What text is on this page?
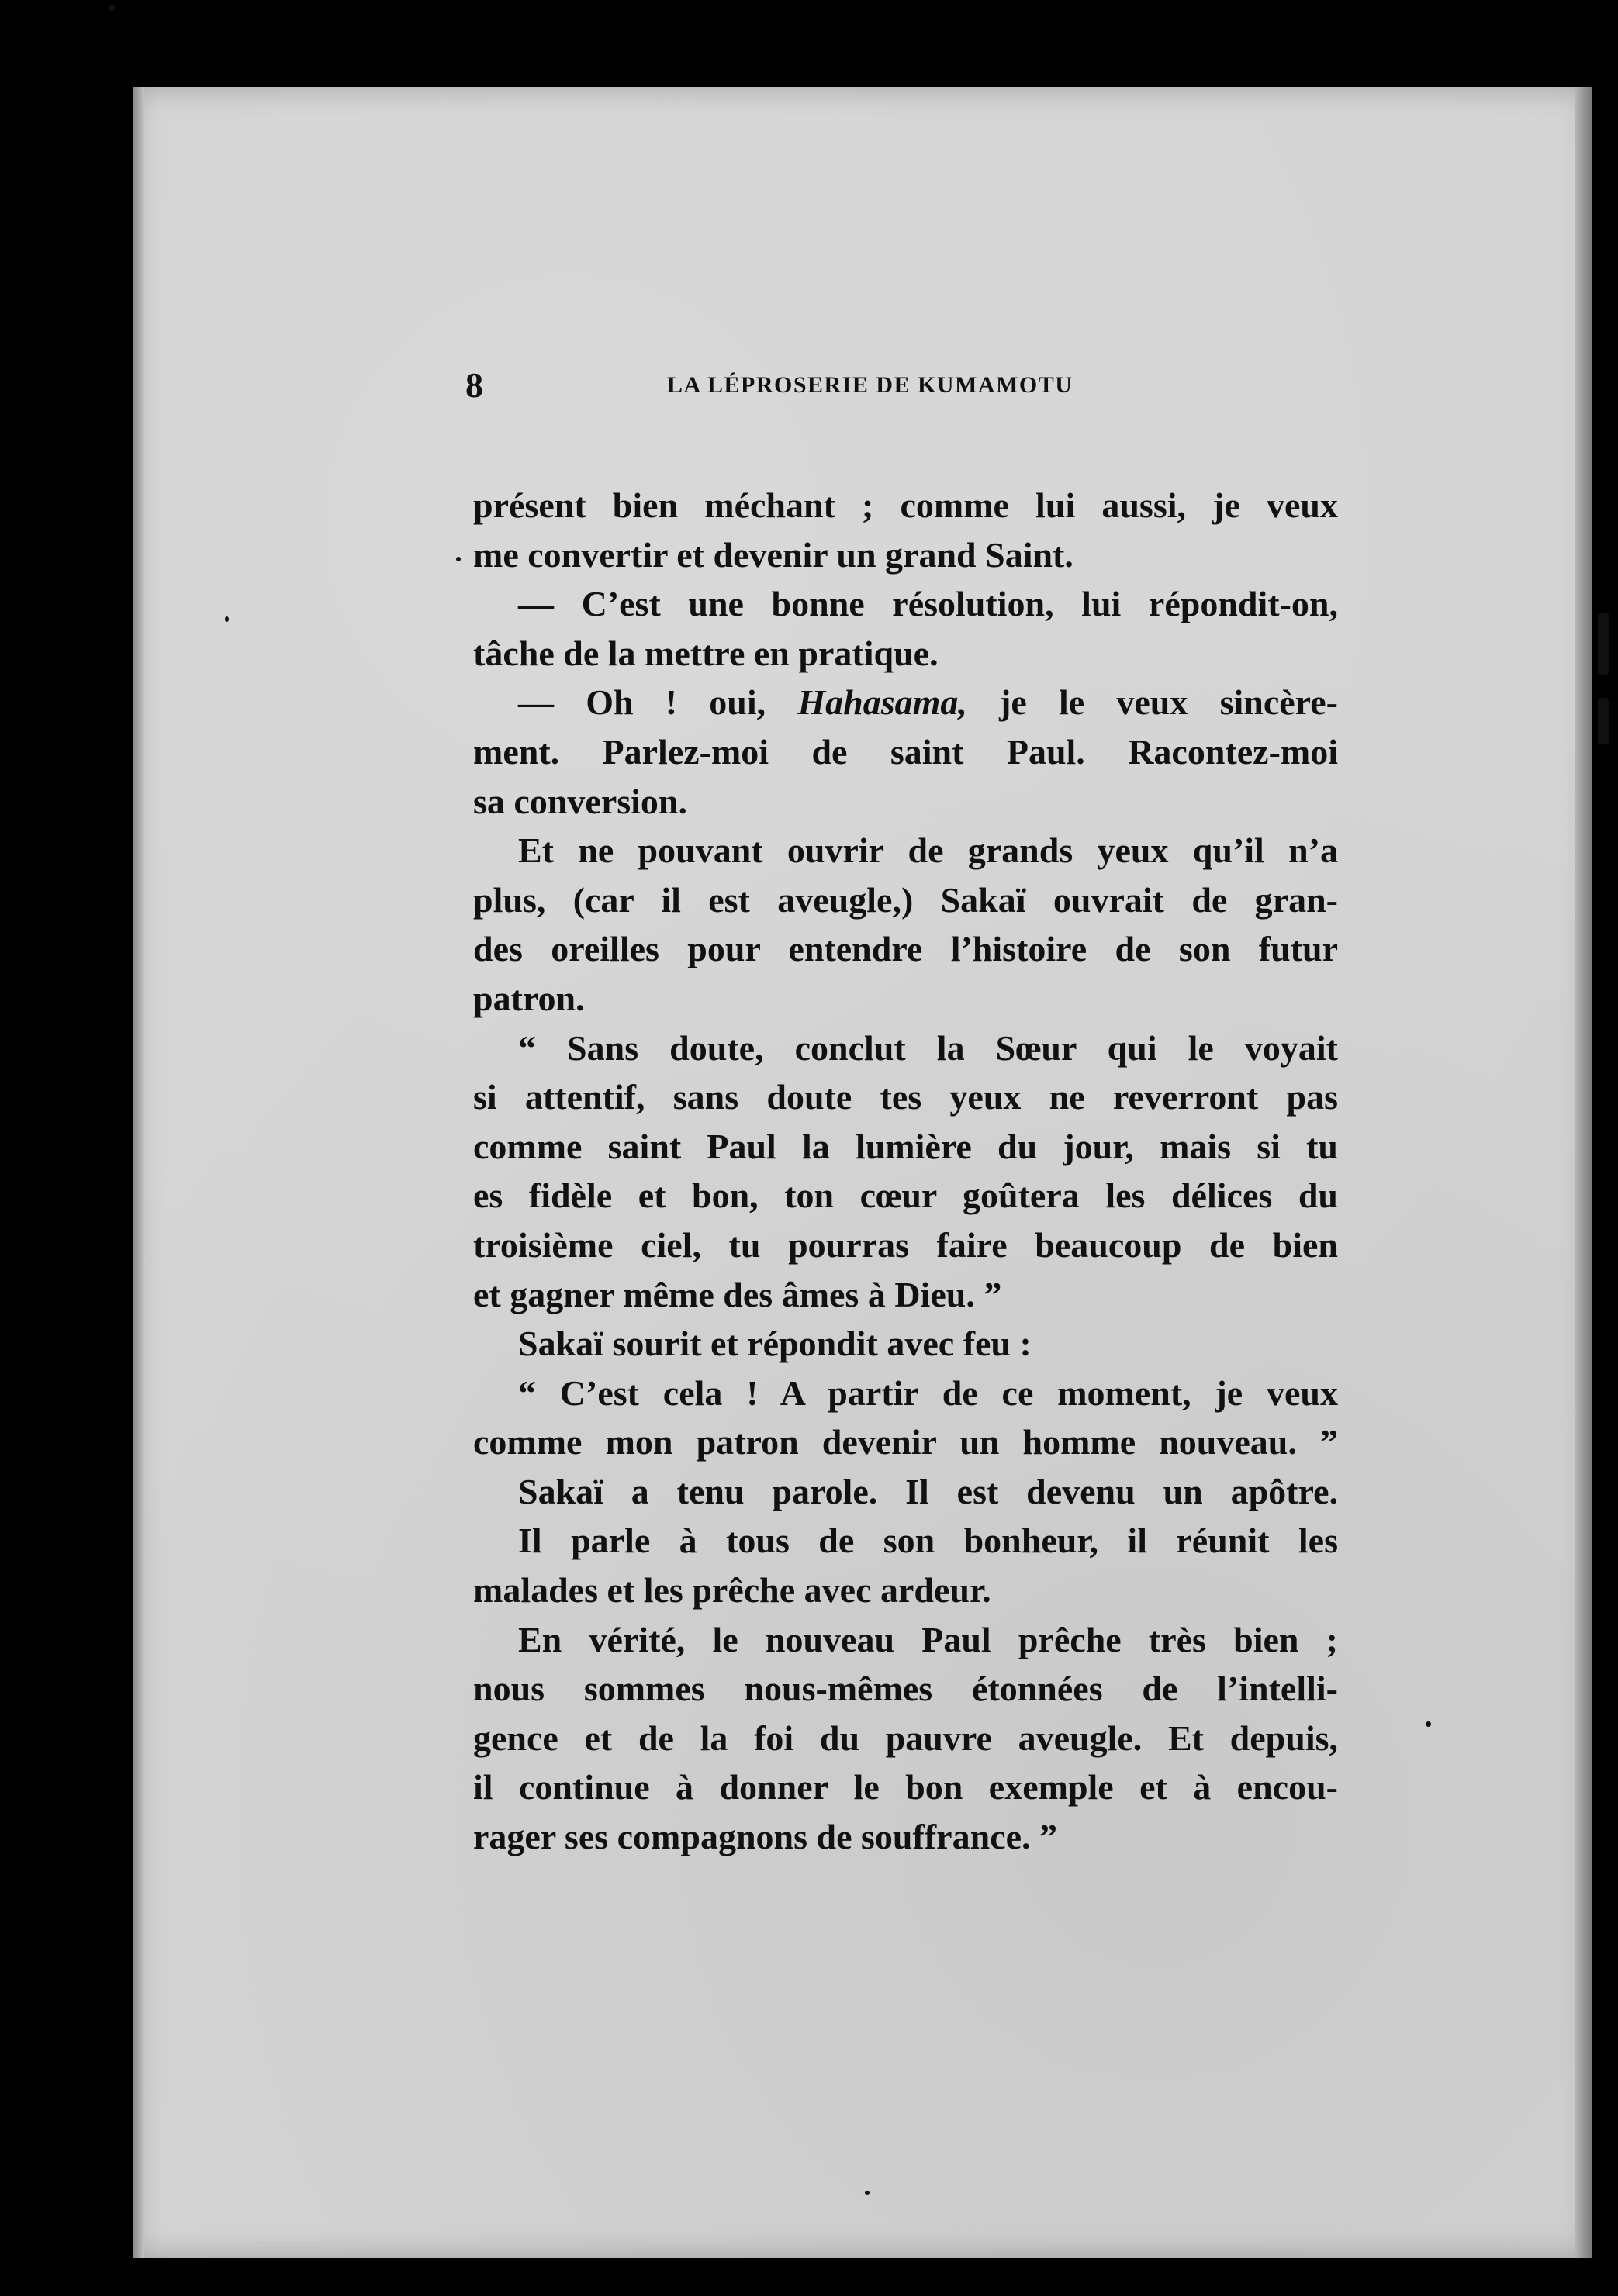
8	LA LÉPROSERIE DE KUMAMOTU
présent bien méchant ; comme lui aussi, je veux
me convertir et devenir un grand Saint.
— C’est une bonne résolution, lui répondit-on,
tâche de la mettre en pratique.
— Oh ! oui, Hahasama, je le veux sincère-
ment. Parlez-moi de saint Paul. Racontez-moi
sa conversion.
Et ne pouvant ouvrir de grands yeux qu’il n’a
plus, (car il est aveugle,) Sakaï ouvrait de gran-
des oreilles pour entendre l’histoire de son futur
patron.
“ Sans doute, conclut la Sœur qui le voyait
si attentif, sans doute tes yeux ne reverront pas
comme saint Paul la lumière du jour, mais si tu
es fidèle et bon, ton cœur goûtera les délices du
troisième ciel, tu pourras faire beaucoup de bien
et gagner même des âmes à Dieu. ”
Sakaï sourit et répondit avec feu :
“ C’est cela ! A partir de ce moment, je veux
comme mon patron devenir un homme nouveau. ”
Sakaï a tenu parole. Il est devenu un apôtre.
Il parle à tous de son bonheur, il réunit les
malades et les prêche avec ardeur.
En vérité, le nouveau Paul prêche très bien ;
nous sommes nous-mêmes étonnées de l’intelli-
gence et de la foi du pauvre aveugle. Et depuis,
il continue à donner le bon exemple et à encou-
rager ses compagnons de souffrance. ”
